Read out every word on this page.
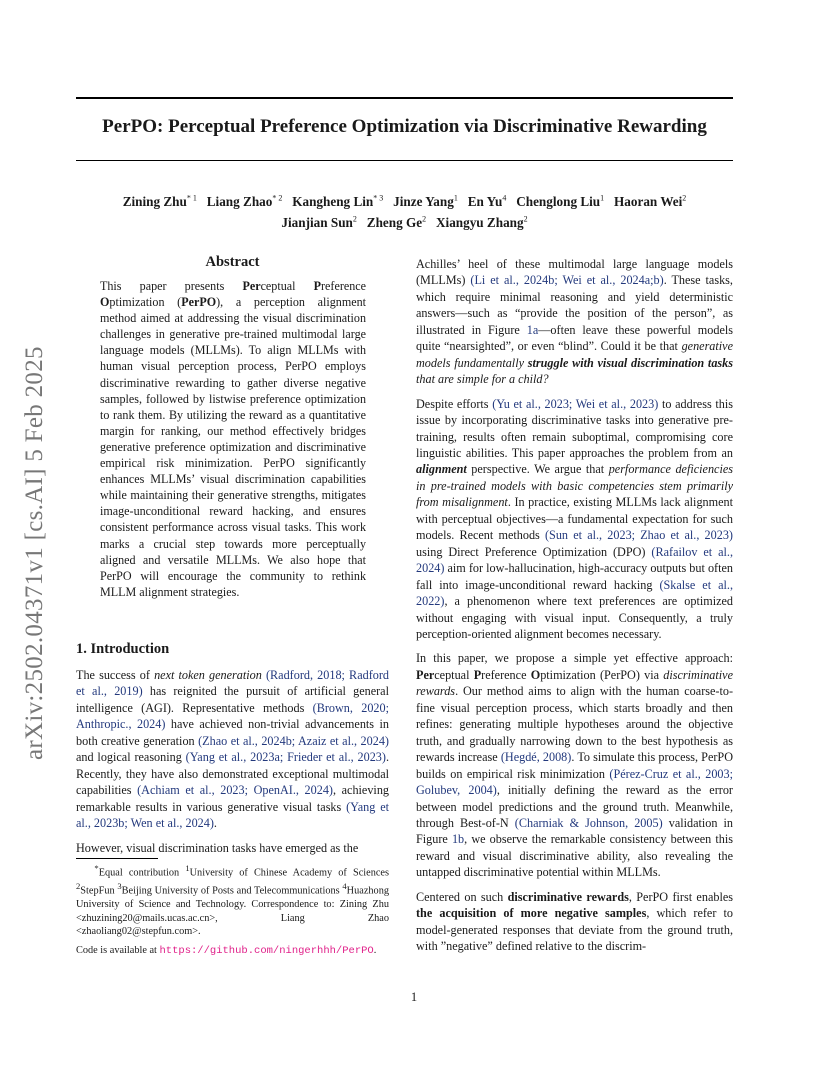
arXiv:2502.04371v1 [cs.AI] 5 Feb 2025
PerPO: Perceptual Preference Optimization via Discriminative Rewarding
Zining Zhu$^{* 1}$ Liang Zhao$^{* 2}$ Kangheng Lin$^{* 3}$ Jinze Yang$^1$ En Yu$^4$ Chenglong Liu$^1$ Haoran Wei$^2$
Jianjian Sun$^2$ Zheng Ge$^2$ Xiangyu Zhang$^2$
Abstract

This paper presents Perceptual Preference Optimization (PerPO), a perception alignment method aimed at addressing the visual discrimination challenges in generative pre-trained multimodal large language models (MLLMs). To align MLLMs with human visual perception process, PerPO employs discriminative rewarding to gather diverse negative samples, followed by listwise preference optimization to rank them. By utilizing the reward as a quantitative margin for ranking, our method effectively bridges generative preference optimization and discriminative empirical risk minimization. PerPO significantly enhances MLLMs’ visual discrimination capabilities while maintaining their generative strengths, mitigates image-unconditional reward hacking, and ensures consistent performance across visual tasks. This work marks a crucial step towards more perceptually aligned and versatile MLLMs. We also hope that PerPO will encourage the community to rethink MLLM alignment strategies.

1. Introduction

The success of next token generation (Radford, 2018; Radford et al., 2019) has reignited the pursuit of artificial general intelligence (AGI). Representative methods (Brown, 2020; Anthropic., 2024) have achieved non-trivial advancements in both creative generation (Zhao et al., 2024b; Azaiz et al., 2024) and logical reasoning (Yang et al., 2023a; Frieder et al., 2023). Recently, they have also demonstrated exceptional multimodal capabilities (Achiam et al., 2023; OpenAI., 2024), achieving remarkable results in various generative visual tasks (Yang et al., 2023b; Wen et al., 2024).

However, visual discrimination tasks have emerged as the

*Equal contribution $^1$University of Chinese Academy of Sciences $^2$StepFun $^3$Beijing University of Posts and Telecommunications $^4$Huazhong University of Science and Technology. Correspondence to: Zining Zhu <zhuzining20@mails.ucas.ac.cn>, Liang Zhao <zhaoliang02@stepfun.com>.

Code is available at https://github.com/ningerhhh/PerPO.

Achilles’ heel of these multimodal large language models (MLLMs) (Li et al., 2024b; Wei et al., 2024a;b). These tasks, which require minimal reasoning and yield deterministic answers—such as “provide the position of the person”, as illustrated in Figure 1a—often leave these powerful models quite “nearsighted”, or even “blind”. Could it be that generative models fundamentally struggle with visual discrimination tasks that are simple for a child?

Despite efforts (Yu et al., 2023; Wei et al., 2023) to address this issue by incorporating discriminative tasks into generative pre-training, results often remain suboptimal, compromising core linguistic abilities. This paper approaches the problem from an alignment perspective. We argue that performance deficiencies in pre-trained models with basic competencies stem primarily from misalignment. In practice, existing MLLMs lack alignment with perceptual objectives—a fundamental expectation for such models. Recent methods (Sun et al., 2023; Zhao et al., 2023) using Direct Preference Optimization (DPO) (Rafailov et al., 2024) aim for low-hallucination, high-accuracy outputs but often fall into image-unconditional reward hacking (Skalse et al., 2022), a phenomenon where text preferences are optimized without engaging with visual input. Consequently, a truly perception-oriented alignment becomes necessary.

In this paper, we propose a simple yet effective approach: Perceptual Preference Optimization (PerPO) via discriminative rewards. Our method aims to align with the human coarse-to-fine visual perception process, which starts broadly and then refines: generating multiple hypotheses around the objective truth, and gradually narrowing down to the best hypothesis as rewards increase (Hegdé, 2008). To simulate this process, PerPO builds on empirical risk minimization (Pérez-Cruz et al., 2003; Golubev, 2004), initially defining the reward as the error between model predictions and the ground truth. Meanwhile, through Best-of-N (Charniak & Johnson, 2005) validation in Figure 1b, we observe the remarkable consistency between this reward and visual discriminative ability, also revealing the untapped discriminative potential within MLLMs.

Centered on such discriminative rewards, PerPO first enables the acquisition of more negative samples, which refer to model-generated responses that deviate from the ground truth, with ”negative” defined relative to the discrim-

1
